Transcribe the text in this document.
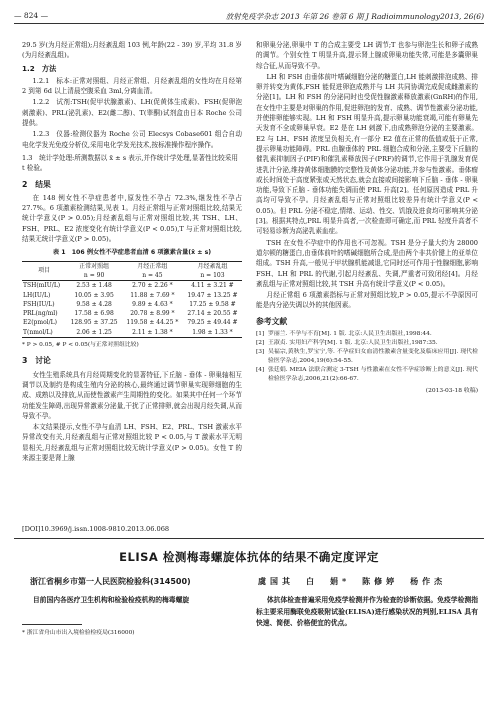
— 824 —	放射免疫学杂志 2013 年第 26 卷第 6 期 J Radioimmunology2013, 26(6)

29.5 岁(为月经正常组);月经紊乱组 103 例,年龄(22 - 39) 岁,平均 31.8 岁(为月经紊乱组)。

1.2　方法

1.2.1　标本:正常对照组、月经正常组、月经紊乱组的女性均在月经第 2 到第 6d 以上清晨空腹采血 3ml,分离血清。

1.2.2　试剂:TSH(促甲状腺激素)、LH(促黄体生成素)、FSH(促卵泡刺激素)、PRL(泌乳素)、E2(雌二醇)、T(睾酮)试剂盒由日本 Roche 公司提供。

1.2.3　仪器:检测仪器为 Roche 公司 Elecsys Cobase601 组合自动电化学发光免疫分析仪,采用电化学发光技术,按标准操作程序操作。

1.3　统计学处理:所测数据以 x̄ ± s 表示,并作统计学处理,显著性比较采用 t 检验。
2　结果

在 148 例女性不孕症患者中,原发性不孕占 72.3%,继发性不孕占 27.7%。6 项激素检测结果,见表 1。月经正常组与正常对照组比较,结果无统计学意义(P > 0.05);月经紊乱组与正常对照组比较,其 TSH、LH、FSH、PRL、E2 浓度变化有统计学意义(P < 0.05),T 与正常对照组比较,结果无统计学意义(P > 0.05)。

表 1　106 例女性不孕症患者血清 6 项激素含量(x̄ ± s)
项目	正常对照组	月经正常组	月经紊乱组
	n = 90	n = 45	n = 103
TSH(mIU/L)	2.53 ± 1.48	2.70 ± 2.26 *	4.11 ± 3.21 #
LH(IU/L)	10.05 ± 3.95	11.88 ± 7.69 *	19.47 ± 13.25 #
FSH(IU/L)	9.58 ± 4.28	9.89 ± 4.63 *	17.25 ± 9.58 #
PRL(ng/ml)	17.58 ± 6.98	20.78 ± 8.99 *	27.14 ± 20.55 #
E2(pmol/L)	128.95 ± 37.25	119.58 ± 44.25 *	79.25 ± 49.44 #
T(nmol/L)	2.06 ± 1.25	2.11 ± 1.38 *	1.98 ± 1.33 *
* P > 0.05, # P < 0.05(与正常对照组比较)
3　讨论

女性生殖系统具有月经周期变化的显著特征,下丘脑 - 垂体 - 卵巢轴相互调节以及制约是构成生殖内分泌的核心,最终通过调节卵巢实现卵细胞的生成、成熟以及排放,从而使性激素产生周期性的变化。如果其中任何一个环节功能发生障碍,出现异常激素分泌量,干扰了正常排卵,就会出现月经失调,从而导致不孕。

本文结果提示,女性不孕与血清 LH、FSH、E2、PRL、TSH 激素水平异常改变有关,月经紊乱组与正常对照组比较 P < 0.05,与 T 激素水平无明显相关,月经紊乱组与正常对照组比较无统计学意义(P > 0.05)。女性 T 的来源主要是肾上腺

和卵巢分泌,卵巢中 T 的合成主要受 LH 调节;T 也参与卵泡生长和卵子成熟的调节。个别女性 T 明显升高,提示肾上腺或卵巢功能失常,可能是多囊卵巢综合征,从而导致不孕。

LH 和 FSH 由垂体前叶嗜碱细胞分泌的糖蛋白,LH 能刺激排泡成熟、排卵并转变为黄体,FSH 能促进卵泡成熟并与 LH 共同协调完成促成雌激素的分泌[1]。LH 和 FSH 的分泌同时也受促性腺激素释放激素(GnRH)的作用,在女性中主要是对卵巢的作用,促进卵泡的发育、成熟、调节性激素分泌功能,并使排卵能够实现。LH 和 FSH 明显升高,提示卵巢功能衰竭,可能有卵巢先天发育不全或卵巢早衰。E2 是在 LH 刺激下,由成熟卵泡分泌的主要激素。E2 与 LH、FSH 浓度呈负相关,有一部分 E2 值在正常的低值或低于正常,提示卵巢功能障碍。PRL 由腺垂体的 PRL 细胞合成和分泌,主要受下丘脑的催乳素抑制因子(PIF)和催乳素释放因子(PRF)的调节,它作用于乳腺发育促进乳汁分泌,维持黄体细胞膜的完整性及黄体分泌功能,并参与性激素。垂体瘤或长时间处于高度紧张或天然状态,就会直接或间接影响下丘脑 - 垂体 - 卵巢功能,导致下丘脑 - 垂体功能失调而使 PRL 升高[2]。任何原因造成 PRL 升高均可导致不孕。月经紊乱组与正常对照组比较差异有统计学意义(P < 0.05)。但 PRL 分泌不稳定,情绪、运动、性交、饥饿及进食均可影响其分泌[3]。根据其特点,PRL 明显升高者,一次检查即可确定,而 PRL 轻度升高者不可轻易诊断为高泌乳素血症。

TSH 在女性不孕症中的作用也不可忽视。TSH 是分子量大约为 28000 道尔顿的糖蛋白,由垂体前叶的嗜碱细胞所合成,是由两个非共价键上的亚单位组成。TSH 升高,一般见于甲状腺机能减退,它同时还可作用于性腺细胞,影响 FSH、LH 和 PRL 的代谢,引起月经紊乱、失调,严重者可致闭经[4]。月经紊乱组与正常对照组比较,其 TSH 升高有统计学意义(P < 0.05)。

月经正常组 6 项激素指标与正常对照组比较,P > 0.05,提示不孕原因可能是内分泌失调以外的其他因素。

参考文献

[1] 罗丽兰. 不孕与不育[M]. 1 版. 北京:人民卫生出版社,1998:44.

[2] 王淑贞. 实用妇产科学[M]. 1 版. 北京:人民卫生出版社,1987:35.

[3] 吴福宗,黄秋生,罗宝宁,等. 不孕症妇女血清性激素含量变化及临床应用[J]. 现代检验医学杂志,2004,19(6):54-55.

[4] 张廷娟. MEIA 法联合测定 3-TSH 与性激素在女性不孕症诊断上的意义[J]. 现代检验医学杂志,2006,21(2):66-67.

(2013-03-18 收稿)
[DOI]10.3969/j.issn.1008-9810.2013.06.068
ELISA 检测梅毒螺旋体抗体的结果不确定度评定
浙江省桐乡市第一人民医院检验科(314500)	虞国其　白　娟*　陈修婷　杨作杰

目前国内各医疗卫生机构和检验检疫机构的梅毒螺旋

* 浙江省舟山市出入境检验检疫局(316000)

体抗体检查普遍采用免疫学检测并作为检查的诊断依据。免疫学检测指标主要采用酶联免疫吸附试验(ELISA)进行感染状况的判别,ELISA 具有快速、简便、价格便宜的优点。
